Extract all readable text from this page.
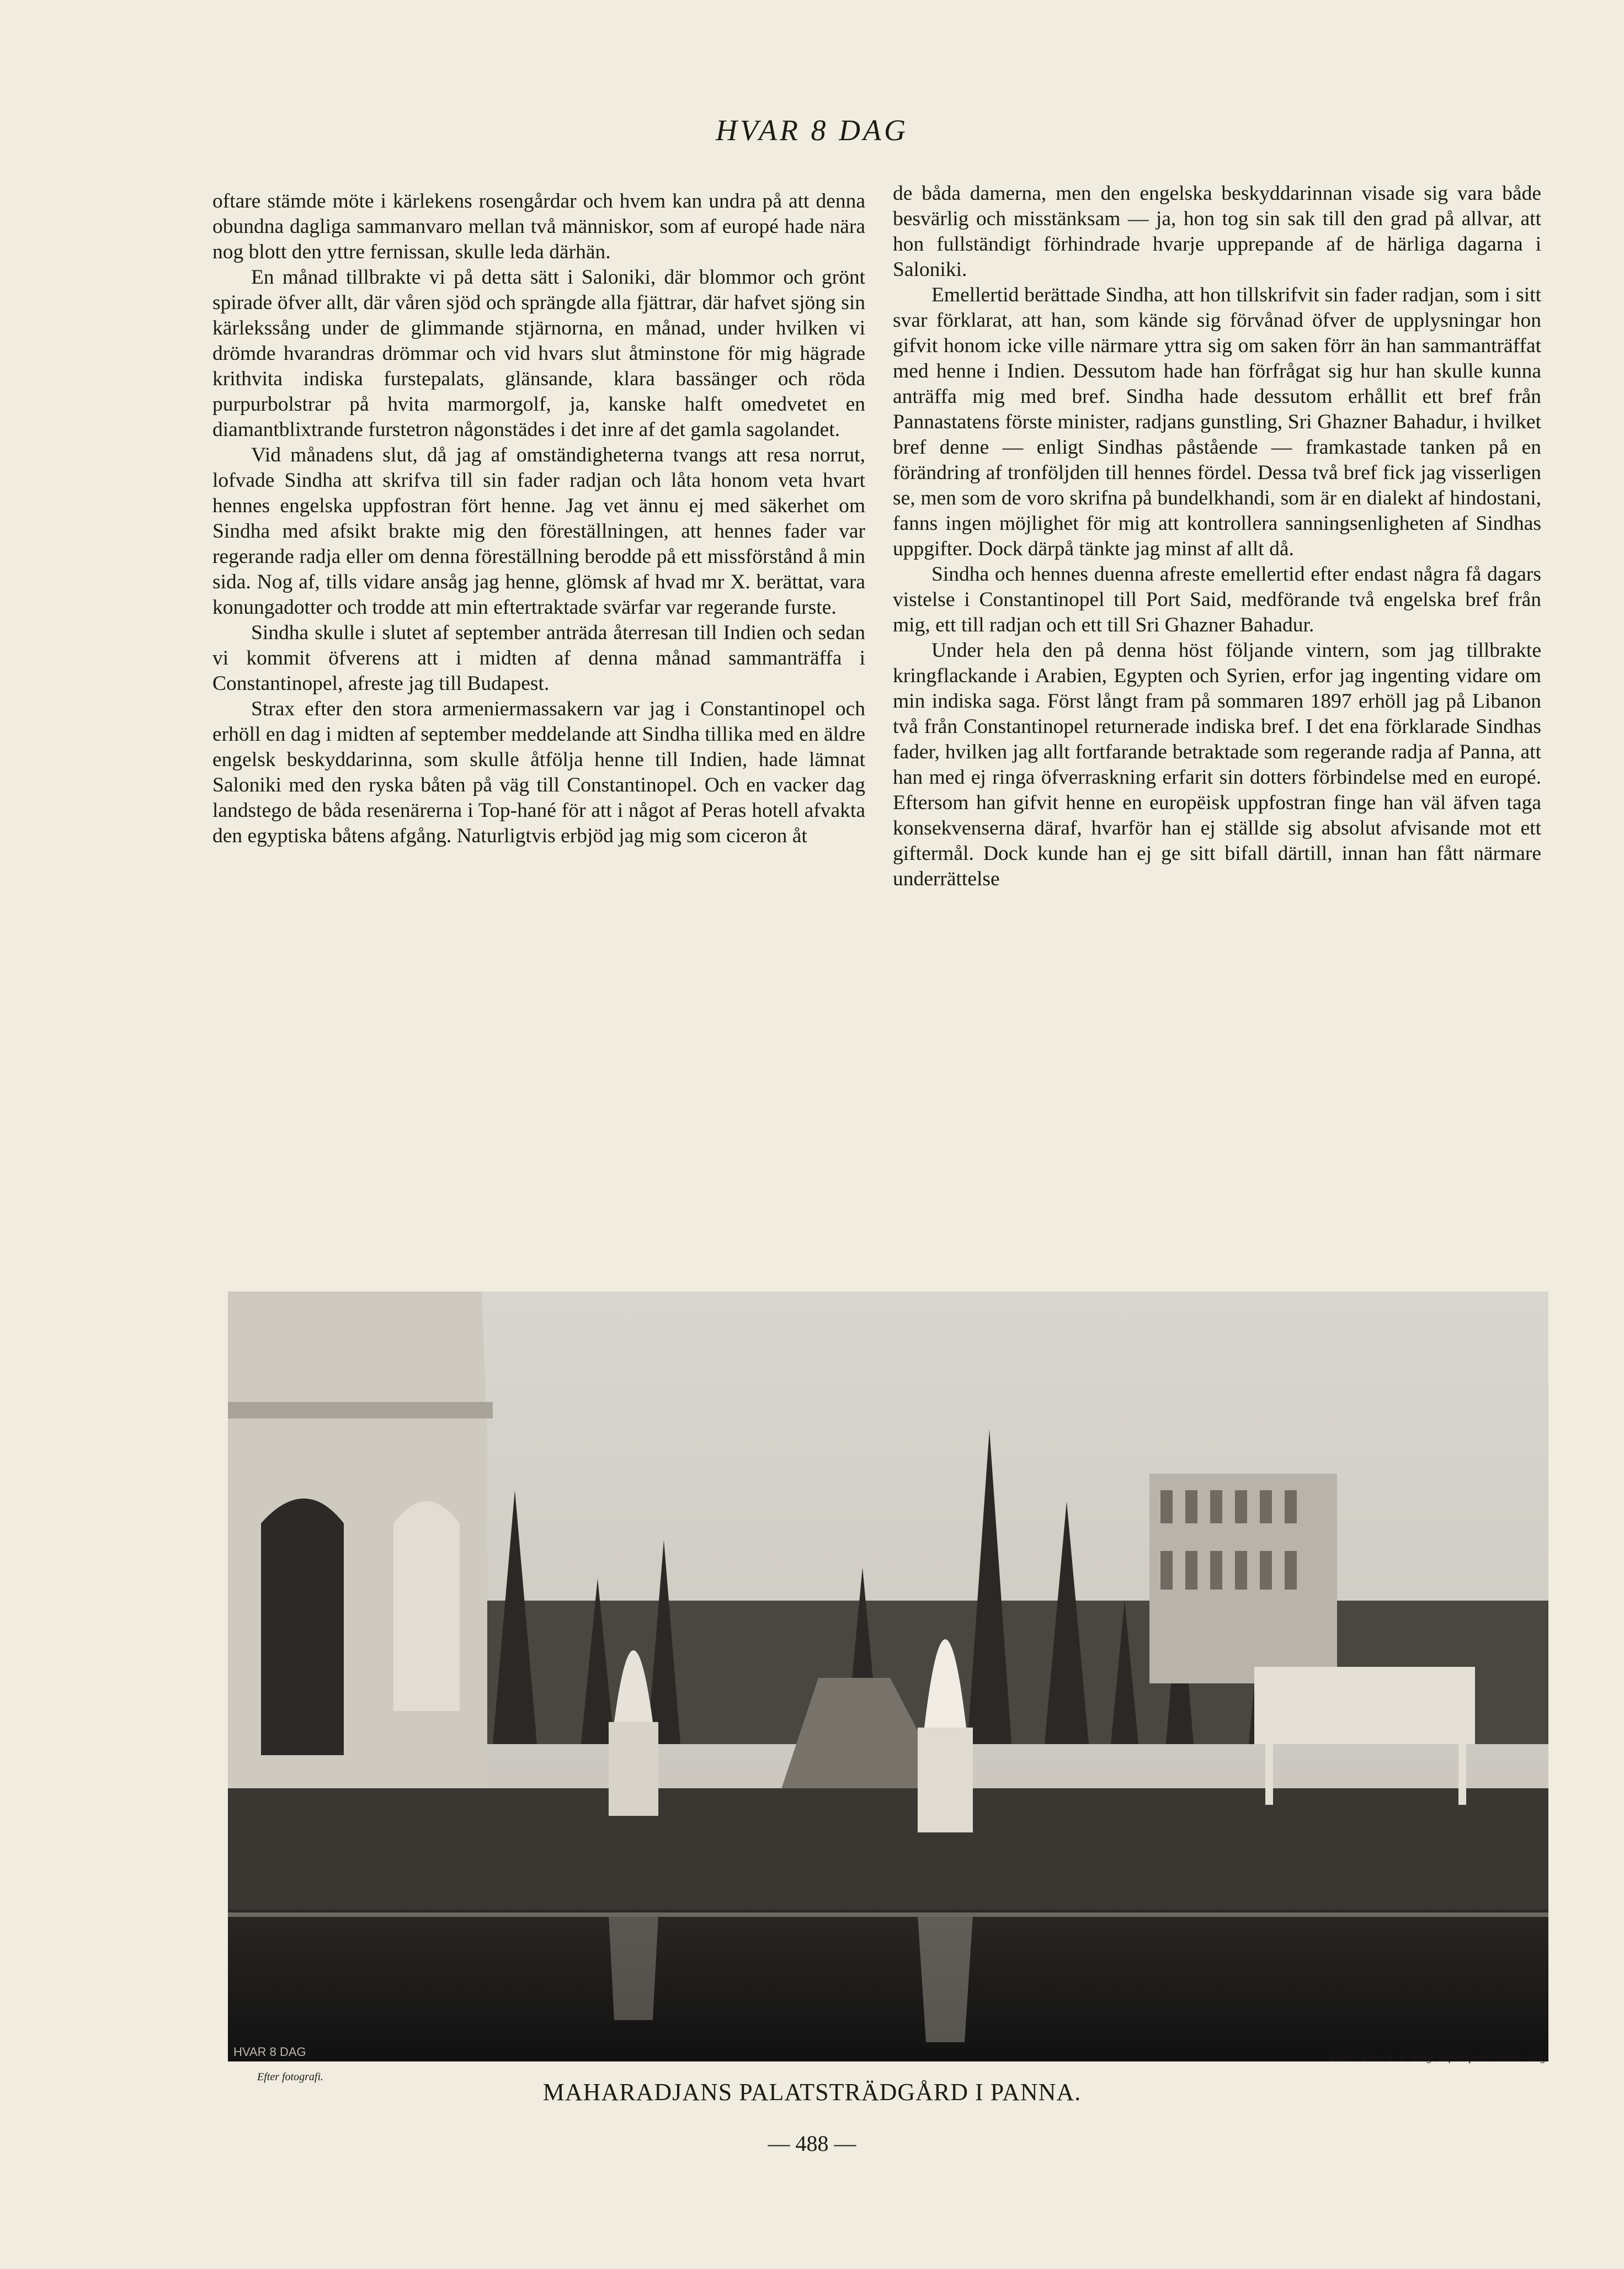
HVAR 8 DAG

oftare stämde möte i kärlekens rosengårdar och hvem kan undra på att denna obundna dagliga sammanvaro mellan två människor, som af europé hade nära nog blott den yttre fernissan, skulle leda därhän.

En månad tillbrakte vi på detta sätt i Saloniki, där blommor och grönt spirade öfver allt, där våren sjöd och sprängde alla fjättrar, där hafvet sjöng sin kärlekssång under de glimmande stjärnorna, en månad, under hvilken vi drömde hvarandras drömmar och vid hvars slut åtminstone för mig hägrade krithvita indiska furstepalats, glänsande, klara bassänger och röda purpurbolstrar på hvita marmorgolf, ja, kanske halft omedvetet en diamantblixtrande furstetron någonstädes i det inre af det gamla sagolandet.

Vid månadens slut, då jag af omständigheterna tvangs att resa norrut, lofvade Sindha att skrifva till sin fader radjan och låta honom veta hvart hennes engelska uppfostran fört henne. Jag vet ännu ej med säkerhet om Sindha med afsikt brakte mig den föreställningen, att hennes fader var regerande radja eller om denna föreställning berodde på ett missförstånd å min sida. Nog af, tills vidare ansåg jag henne, glömsk af hvad mr X. berättat, vara konungadotter och trodde att min eftertraktade svärfar var regerande furste.

Sindha skulle i slutet af september anträda återresan till Indien och sedan vi kommit öfverens att i midten af denna månad sammanträffa i Constantinopel, afreste jag till Budapest.

Strax efter den stora armeniermassakern var jag i Constantinopel och erhöll en dag i midten af september meddelande att Sindha tillika med en äldre engelsk beskyddarinna, som skulle åtfölja henne till Indien, hade lämnat Saloniki med den ryska båten på väg till Constantinopel. Och en vacker dag landstego de båda resenärerna i Top-hané för att i något af Peras hotell afvakta den egyptiska båtens afgång. Naturligtvis erbjöd jag mig som ciceron åt

de båda damerna, men den engelska beskyddarinnan visade sig vara både besvärlig och misstänksam — ja, hon tog sin sak till den grad på allvar, att hon fullständigt förhindrade hvarje upprepande af de härliga dagarna i Saloniki.

Emellertid berättade Sindha, att hon tillskrifvit sin fader radjan, som i sitt svar förklarat, att han, som kände sig förvånad öfver de upplysningar hon gifvit honom icke ville närmare yttra sig om saken förr än han sammanträffat med henne i Indien. Dessutom hade han förfrågat sig hur han skulle kunna anträffa mig med bref. Sindha hade dessutom erhållit ett bref från Pannastatens förste minister, radjans gunstling, Sri Ghazner Bahadur, i hvilket bref denne — enligt Sindhas påstående — framkastade tanken på en förändring af tronföljden till hennes fördel. Dessa två bref fick jag visserligen se, men som de voro skrifna på bundelkhandi, som är en dialekt af hindostani, fanns ingen möjlighet för mig att kontrollera sanningsenligheten af Sindhas uppgifter. Dock därpå tänkte jag minst af allt då.

Sindha och hennes duenna afreste emellertid efter endast några få dagars vistelse i Constantinopel till Port Said, medförande två engelska bref från mig, ett till radjan och ett till Sri Ghazner Bahadur.

Under hela den på denna höst följande vintern, som jag tillbrakte kringflackande i Arabien, Egypten och Syrien, erfor jag ingenting vidare om min indiska saga. Först långt fram på sommaren 1897 erhöll jag på Libanon två från Constantinopel returnerade indiska bref. I det ena förklarade Sindhas fader, hvilken jag allt fortfarande betraktade som regerande radja af Panna, att han med ej ringa öfverraskning erfarit sin dotters förbindelse med en europé. Eftersom han gifvit henne en europëisk uppfostran finge han väl äfven taga konsekvenserna däraf, hvarför han ej ställde sig absolut afvisande mot ett giftermål. Dock kunde han ej ge sitt bifall därtill, innan han fått närmare underrättelse

HVAR 8 DAG
Efter fotografi.
Kliché: Kem. A.-B. Bengt Silfversparre Sthlm—Gbg.
MAHARADJANS PALATSTRÄDGÅRD I PANNA.
— 488 —
